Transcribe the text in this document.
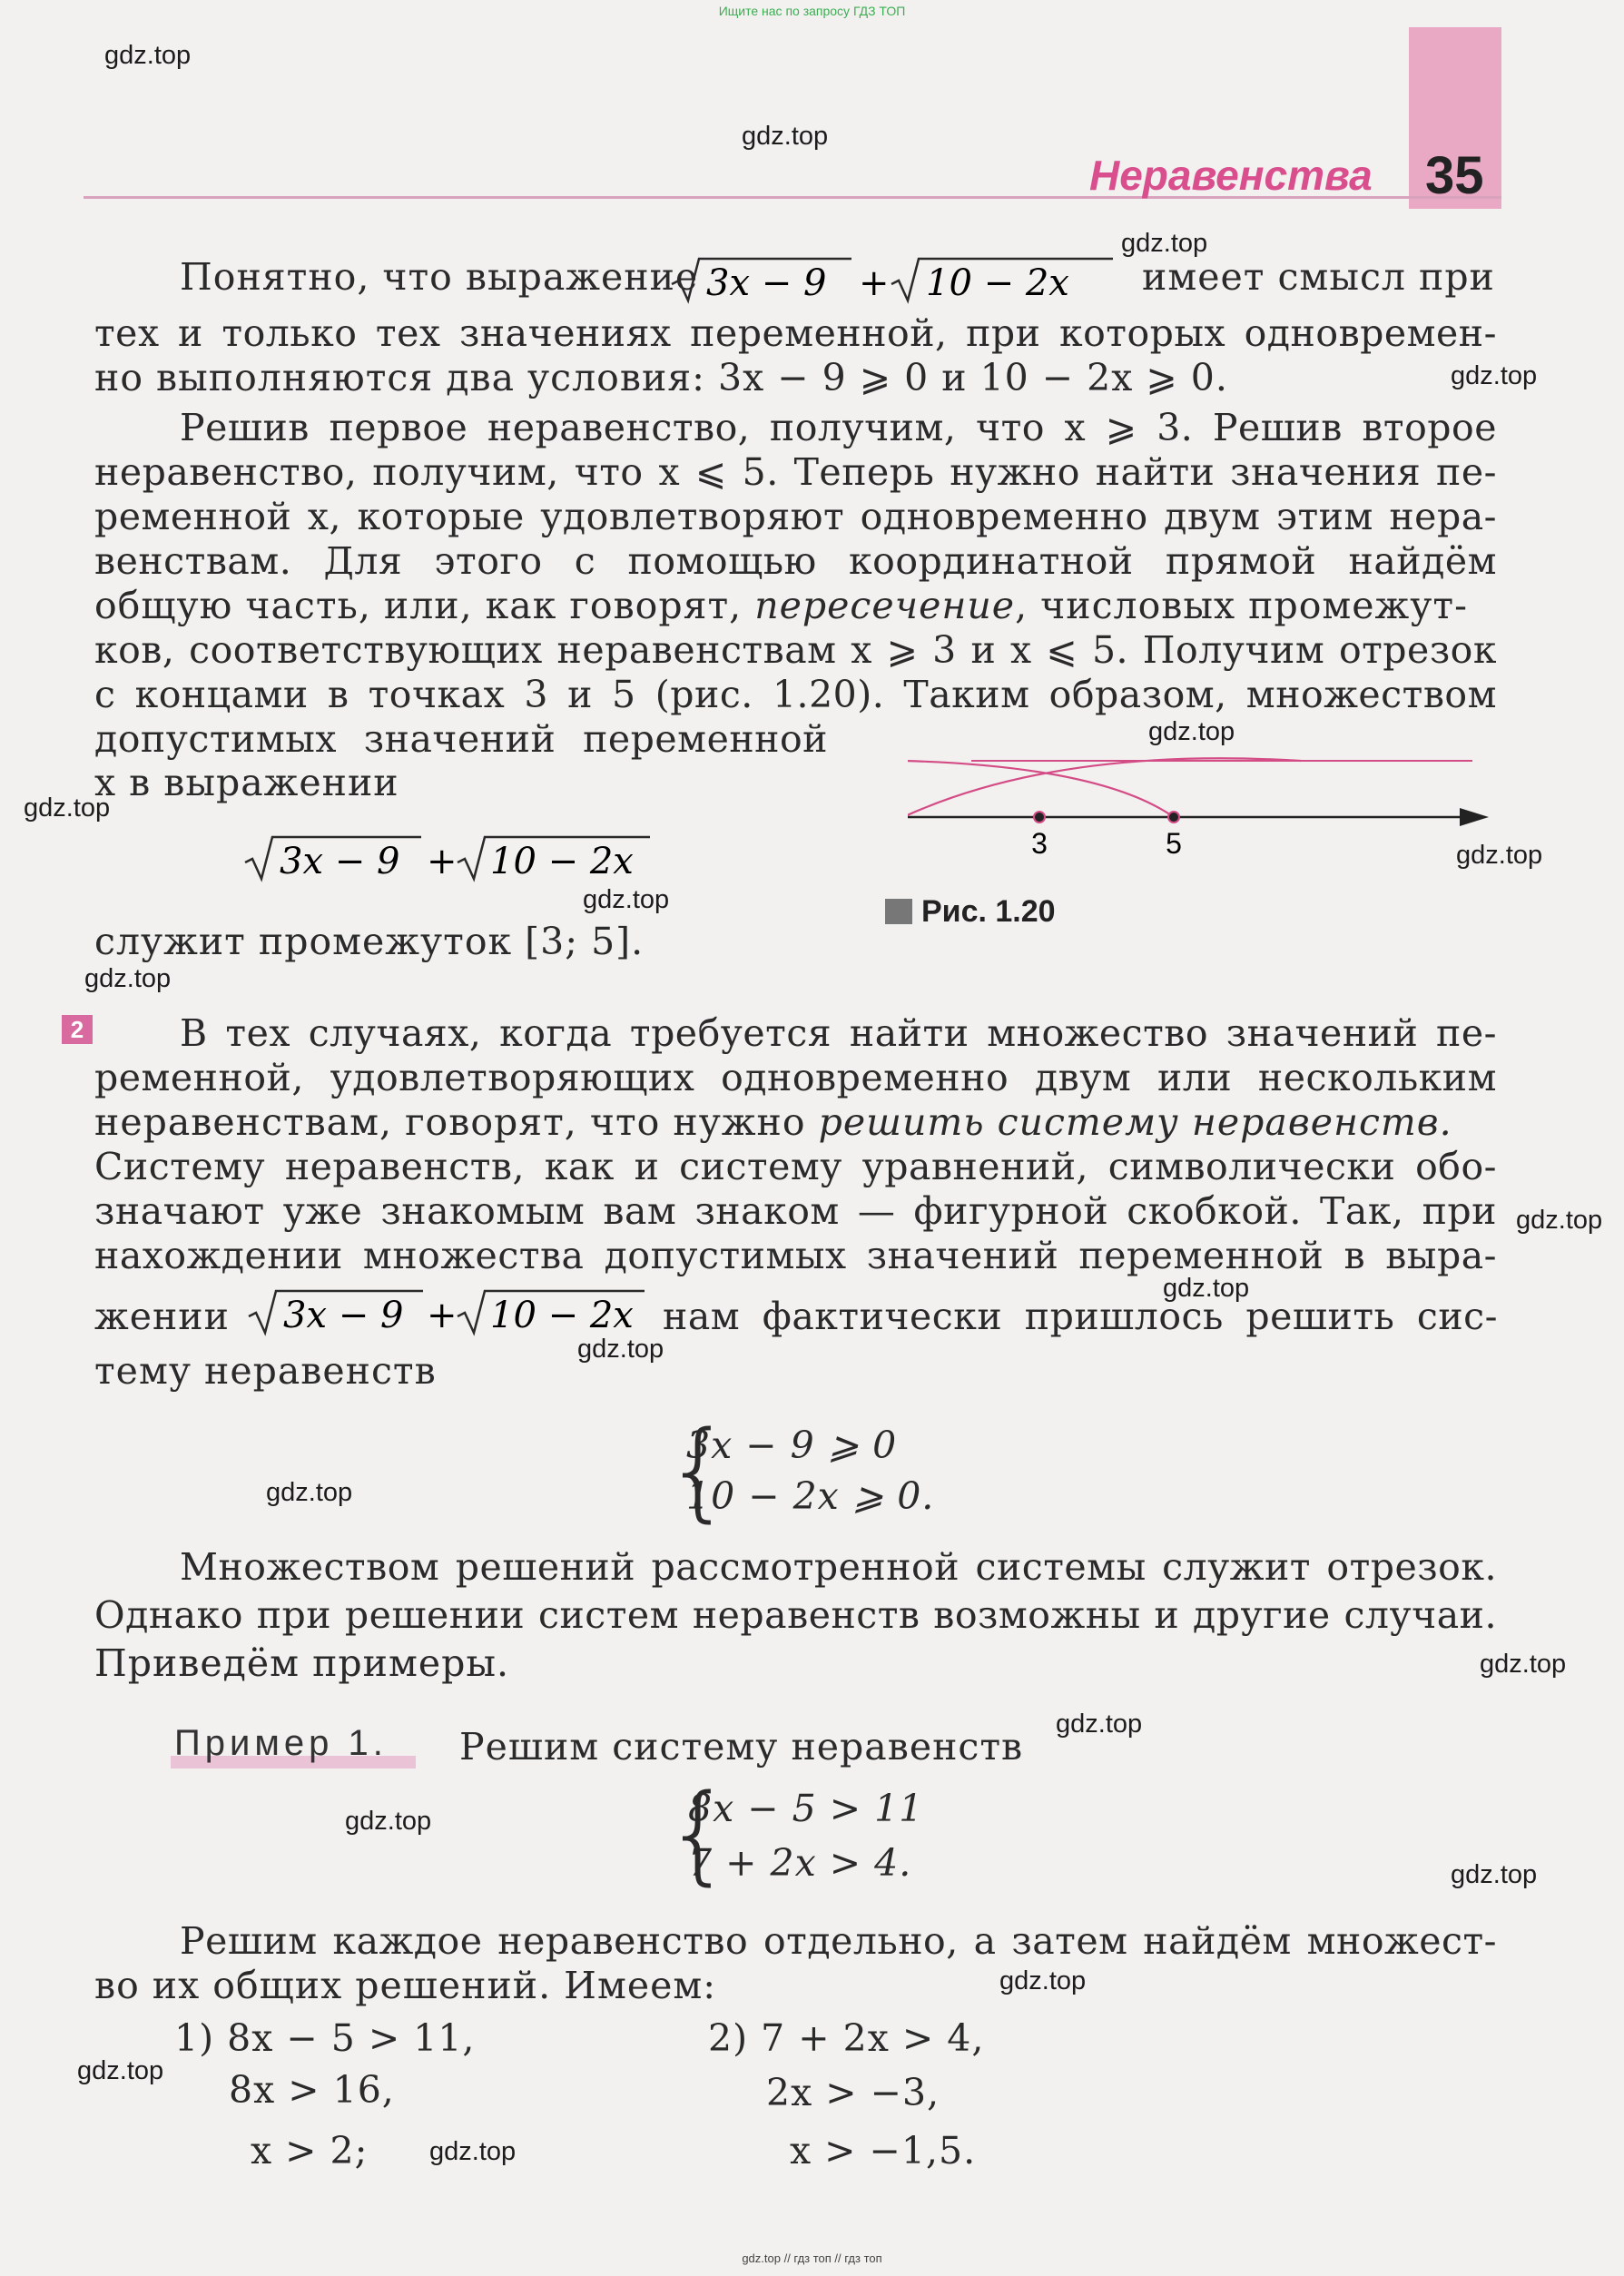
Ищите нас по запросу ГДЗ ТОП
gdz.top // гдз топ // гдз топ
Неравенства 35
gdz.top
gdz.top
gdz.top
gdz.top
gdz.top
gdz.top
gdz.top
gdz.top
gdz.top
gdz.top
gdz.top
gdz.top
gdz.top
gdz.top
gdz.top
gdz.top
gdz.top
gdz.top
gdz.top
gdz.top
Понятно, что выражение 3x − 9 + 10 − 2x имеет смысл при
тех и только тех значениях переменной, при которых одновремен-
но выполняются два условия: 3x − 9 ⩾ 0 и 10 − 2x ⩾ 0.
Решив первое неравенство, получим, что x ⩾ 3. Решив второе
неравенство, получим, что x ⩽ 5. Теперь нужно найти значения пе-
ременной x, которые удовлетворяют одновременно двум этим нера-
венствам. Для этого с помощью координатной прямой найдём
общую часть, или, как говорят, пересечение, числовых промежут-
ков, соответствующих неравенствам x ⩾ 3 и x ⩽ 5. Получим отрезок
с концами в точках 3 и 5 (рис. 1.20). Таким образом, множеством
допустимых значений переменной
x в выражении
3x − 9 + 10 − 2x
служит промежуток [3; 5].
3	5
Рис. 1.20
2	В тех случаях, когда требуется найти множество значений пе-
ременной, удовлетворяющих одновременно двум или нескольким
неравенствам, говорят, что нужно решить систему неравенств.
Систему неравенств, как и систему уравнений, символически обо-
значают уже знакомым вам знаком — фигурной скобкой. Так, при
нахождении множества допустимых значений переменной в выра-
жении 3x − 9 + 10 − 2x нам фактически пришлось решить сис-
тему неравенств
{
3x − 9 ⩾ 0
10 − 2x ⩾ 0.
Множеством решений рассмотренной системы служит отрезок.
Однако при решении систем неравенств возможны и другие случаи.
Приведём примеры.
Пример 1. Решим систему неравенств
{
8x − 5 > 11
7 + 2x > 4.
Решим каждое неравенство отдельно, а затем найдём множест-
во их общих решений. Имеем:
1) 8x − 5 > 11,
8x > 16,
x > 2;
2) 7 + 2x > 4,
2x > −3,
x > −1,5.
